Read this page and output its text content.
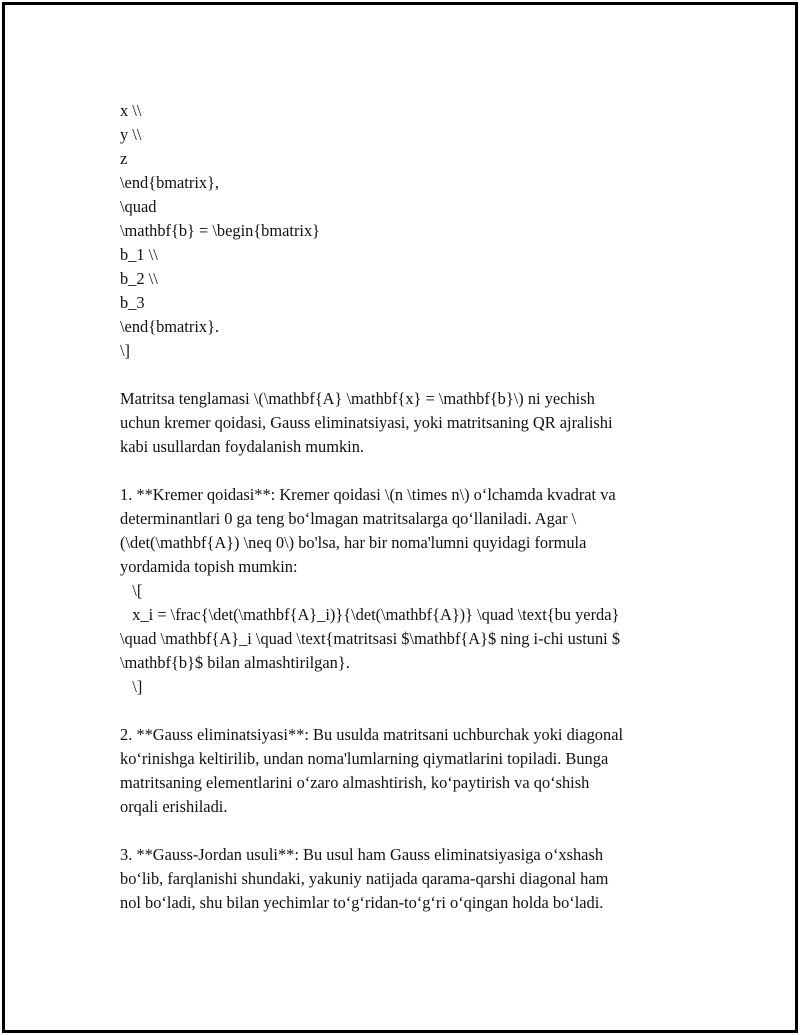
x \\
y \\
z
\end{bmatrix},
\quad
\mathbf{b} = \begin{bmatrix}
b_1 \\
b_2 \\
b_3
\end{bmatrix}.
\]
Matritsa tenglamasi \(\mathbf{A} \mathbf{x} = \mathbf{b}\) ni yechish
uchun kremer qoidasi, Gauss eliminatsiyasi, yoki matritsaning QR ajralishi
kabi usullardan foydalanish mumkin.
1. **Kremer qoidasi**: Kremer qoidasi \(n \times n\) o‘lchamda kvadrat va
determinantlari 0 ga teng bo‘lmagan matritsalarga qo‘llaniladi. Agar \
(\det(\mathbf{A}) \neq 0\) bo'lsa, har bir noma'lumni quyidagi formula
yordamida topish mumkin:
\[
x_i = \frac{\det(\mathbf{A}_i)}{\det(\mathbf{A})} \quad \text{bu yerda}
\quad \mathbf{A}_i \quad \text{matritsasi $\mathbf{A}$ ning i-chi ustuni $
\mathbf{b}$ bilan almashtirilgan}.
\]
2. **Gauss eliminatsiyasi**: Bu usulda matritsani uchburchak yoki diagonal
ko‘rinishga keltirilib, undan noma'lumlarning qiymatlarini topiladi. Bunga
matritsaning elementlarini o‘zaro almashtirish, ko‘paytirish va qo‘shish
orqali erishiladi.
3. **Gauss-Jordan usuli**: Bu usul ham Gauss eliminatsiyasiga o‘xshash
bo‘lib, farqlanishi shundaki, yakuniy natijada qarama-qarshi diagonal ham
nol bo‘ladi, shu bilan yechimlar to‘g‘ridan-to‘g‘ri o‘qingan holda bo‘ladi.
